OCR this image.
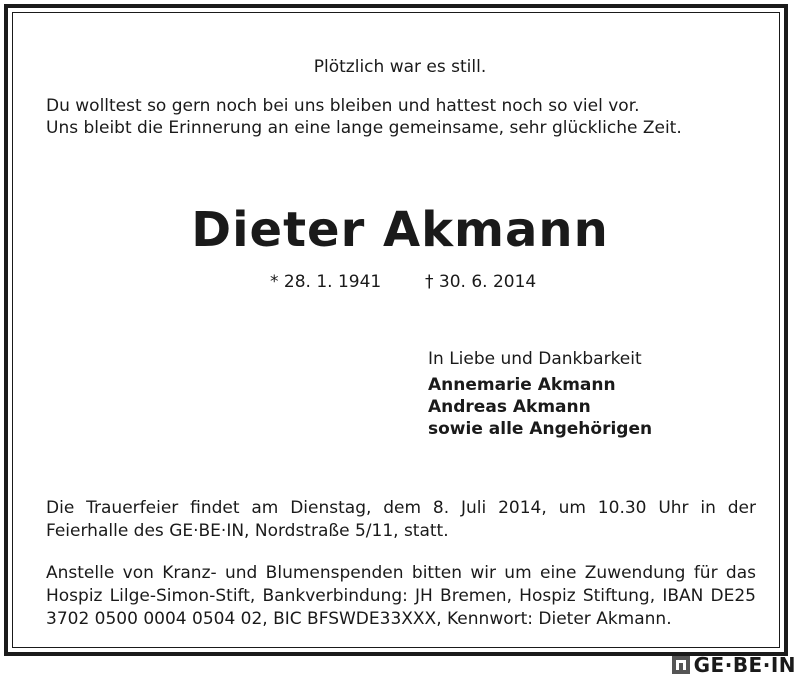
Plötzlich war es still.
Du wolltest so gern noch bei uns bleiben und hattest noch so viel vor.
Uns bleibt die Erinnerung an eine lange gemeinsame, sehr glückliche Zeit.
Dieter Akmann
* 28. 1. 1941	† 30. 6. 2014
In Liebe und Dankbarkeit
Annemarie Akmann
Andreas Akmann
sowie alle Angehörigen
Die Trauerfeier findet am Dienstag, dem 8. Juli 2014, um 10.30 Uhr in der Feierhalle des GE·BE·IN, Nordstraße 5/11, statt.
Anstelle von Kranz- und Blumenspenden bitten wir um eine Zuwendung für das Hospiz Lilge-Simon-Stift, Bankverbindung: JH Bremen, Hospiz Stiftung, IBAN DE25 3702 0500 0004 0504 02, BIC BFSWDE33XXX, Kennwort: Dieter Akmann.
GE·BE·IN
